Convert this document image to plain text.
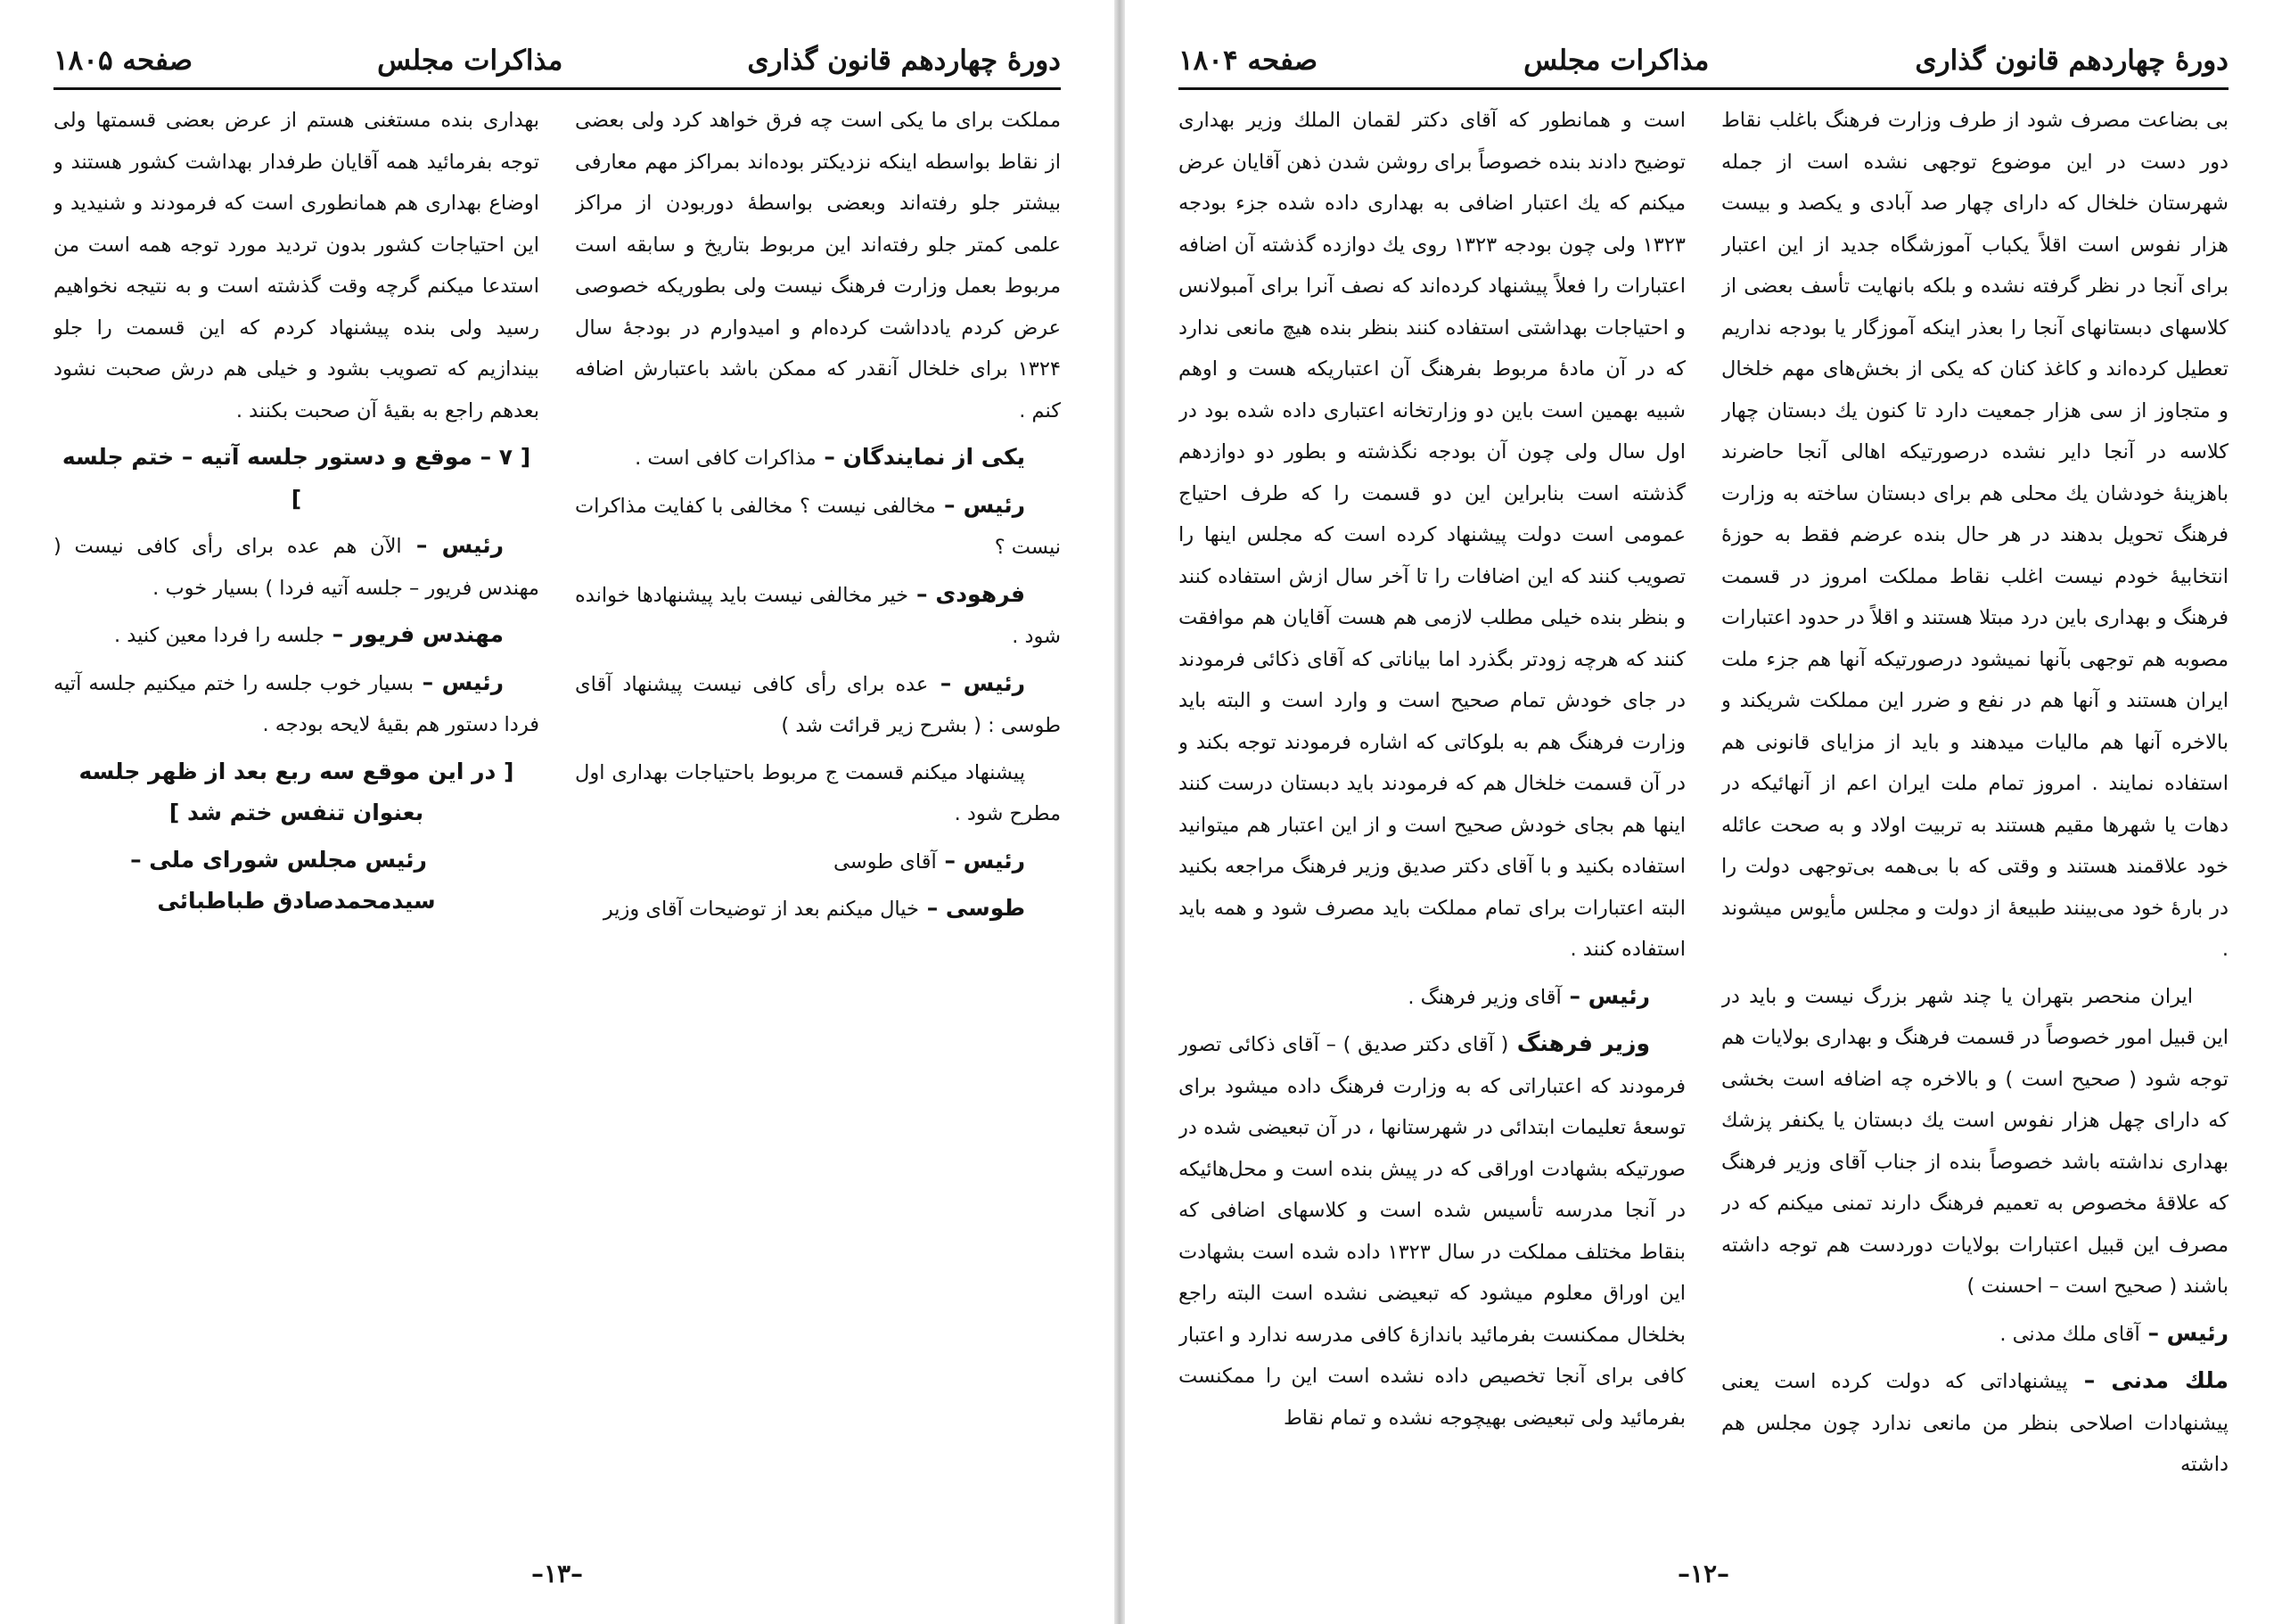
دورهٔ چهاردهم قانون گذاری
مذاکرات مجلس
صفحه ۱۸۰۵

مملکت برای ما یکی است چه فرق خواهد کرد ولی بعضی از نقاط بواسطه اینکه نزدیکتر بوده‌اند بمراکز مهم معارفی بیشتر جلو رفته‌اند وبعضی بواسطهٔ دوربودن از مراکز علمی کمتر جلو رفته‌اند این مربوط بتاریخ و سابقه است مربوط بعمل وزارت فرهنگ نیست ولی بطوریکه خصوصی عرض کردم یادداشت کرده‌ام و امیدوارم در بودجهٔ سال ۱۳۲۴ برای خلخال آنقدر که ممکن باشد باعتبارش اضافه کنم .

یکی از نمایندگان – مذاکرات کافی است .

رئیس – مخالفی نیست ؟ مخالفی با کفایت مذاکرات نیست ؟

فرهودی – خیر مخالفی نیست باید پیشنهادها خوانده شود .

رئیس – عده برای رأی کافی نیست پیشنهاد آقای طوسی : ( بشرح زیر قرائت شد )

پیشنهاد میکنم قسمت ج مربوط باحتیاجات بهداری اول مطرح شود .

رئیس – آقای طوسی

طوسی – خیال میکنم بعد از توضیحات آقای وزیر

بهداری بنده مستغنی هستم از عرض بعضی قسمتها ولی توجه بفرمائید همه آقایان طرفدار بهداشت کشور هستند و اوضاع بهداری هم همانطوری است که فرمودند و شنیدید و این احتیاجات کشور بدون تردید مورد توجه همه است من استدعا میکنم گرچه وقت گذشته است و به نتیجه نخواهیم رسید ولی بنده پیشنهاد کردم که این قسمت را جلو بیندازیم که تصویب بشود و خیلی هم درش صحبت نشود بعدهم راجع به بقیهٔ آن صحبت بکنند .

[ ۷ – موقع و دستور جلسه آتیه – ختم جلسه ]

رئیس – الآن هم عده برای رأی کافی نیست ( مهندس فریور – جلسه آتیه فردا ) بسیار خوب .

مهندس فریور – جلسه را فردا معین کنید .

رئیس – بسیار خوب جلسه را ختم میکنیم جلسه آتیه فردا دستور هم بقیهٔ لایحه بودجه .

[ در این موقع سه ربع بعد از ظهر جلسه بعنوان تنفس ختم شد ]

رئیس مجلس شورای ملی – سیدمحمدصادق طباطبائی

–۱۳–
دورهٔ چهاردهم قانون گذاری
مذاکرات مجلس
صفحه ۱۸۰۴

بی بضاعت مصرف شود از طرف وزارت فرهنگ باغلب نقاط دور دست در این موضوع توجهی نشده است از جمله شهرستان خلخال که دارای چهار صد آبادی و یکصد و بیست هزار نفوس است اقلاً یکباب آموزشگاه جدید از این اعتبار برای آنجا در نظر گرفته نشده و بلکه بانهایت تأسف بعضی از کلاسهای دبستانهای آنجا را بعذر اینکه آموزگار یا بودجه نداریم تعطیل کرده‌اند و کاغذ کنان که یکی از بخش‌های مهم خلخال و متجاوز از سی هزار جمعیت دارد تا کنون یك دبستان چهار کلاسه در آنجا دایر نشده درصورتیکه اهالی آنجا حاضرند باهزینهٔ خودشان یك محلی هم برای دبستان ساخته به وزارت فرهنگ تحویل بدهند در هر حال بنده عرضم فقط به حوزهٔ انتخابیهٔ خودم نیست اغلب نقاط مملکت امروز در قسمت فرهنگ و بهداری باین درد مبتلا هستند و اقلاً در حدود اعتبارات مصوبه هم توجهی بآنها نمیشود درصورتیکه آنها هم جزء ملت ایران هستند و آنها هم در نفع و ضرر این مملکت شریکند و بالاخره آنها هم مالیات میدهند و باید از مزایای قانونی هم استفاده نمایند . امروز تمام ملت ایران اعم از آنهائیکه در دهات یا شهرها مقیم هستند به تربیت اولاد و به صحت عائله خود علاقمند هستند و وقتی که با بی‌همه بی‌توجهی دولت را در بارهٔ خود می‌بینند طبیعهٔ از دولت و مجلس مأیوس میشوند .

ایران منحصر بتهران یا چند شهر بزرگ نیست و باید در این قبیل امور خصوصاً در قسمت فرهنگ و بهداری بولایات هم توجه شود ( صحیح است ) و بالاخره چه اضافه است بخشی که دارای چهل هزار نفوس است یك دبستان یا یکنفر پزشك بهداری نداشته باشد خصوصاً بنده از جناب آقای وزیر فرهنگ که علاقهٔ مخصوص به تعمیم فرهنگ دارند تمنی میکنم که در مصرف این قبیل اعتبارات بولایات دوردست هم توجه داشته باشند ( صحیح است – احسنت )

رئیس – آقای ملك مدنی .

ملك مدنی – پیشنهاداتی که دولت کرده است یعنی پیشنهادات اصلاحی بنظر من مانعی ندارد چون مجلس هم داشته

است و همانطور که آقای دکتر لقمان الملك وزیر بهداری توضیح دادند بنده خصوصاً برای روشن شدن ذهن آقایان عرض میکنم که یك اعتبار اضافی به بهداری داده شده جزء بودجه ۱۳۲۳ ولی چون بودجه ۱۳۲۳ روی یك دوازده گذشته آن اضافه اعتبارات را فعلاً پیشنهاد کرده‌اند که نصف آنرا برای آمبولانس و احتیاجات بهداشتی استفاده کنند بنظر بنده هیچ مانعی ندارد که در آن مادهٔ مربوط بفرهنگ آن اعتباریکه هست و اوهم شبیه بهمین است باین دو وزارتخانه اعتباری داده شده بود در اول سال ولی چون آن بودجه نگذشته و بطور دو دوازدهم گذشته است بنابراین این دو قسمت را که طرف احتیاج عمومی است دولت پیشنهاد کرده است که مجلس اینها را تصویب کنند که این اضافات را تا آخر سال ازش استفاده کنند و بنظر بنده خیلی مطلب لازمی هم هست آقایان هم موافقت کنند که هرچه زودتر بگذرد اما بیاناتی که آقای ذکائی فرمودند در جای خودش تمام صحیح است و وارد است و البته باید وزارت فرهنگ هم به بلوکاتی که اشاره فرمودند توجه بکند و در آن قسمت خلخال هم که فرمودند باید دبستان درست کنند اینها هم بجای خودش صحیح است و از این اعتبار هم میتوانید استفاده بکنید و با آقای دکتر صدیق وزیر فرهنگ مراجعه بکنید البته اعتبارات برای تمام مملکت باید مصرف شود و همه باید استفاده کنند .

رئیس – آقای وزیر فرهنگ .

وزیر فرهنگ ( آقای دکتر صدیق ) – آقای ذکائی تصور فرمودند که اعتباراتی که به وزارت فرهنگ داده میشود برای توسعهٔ تعلیمات ابتدائی در شهرستانها ، در آن تبعیضی شده در صورتیکه بشهادت اوراقی که در پیش بنده است و محل‌هائیکه در آنجا مدرسه تأسیس شده است و کلاسهای اضافی که بنقاط مختلف مملکت در سال ۱۳۲۳ داده شده است بشهادت این اوراق معلوم میشود که تبعیضی نشده است البته راجع بخلخال ممکنست بفرمائید باندازهٔ کافی مدرسه ندارد و اعتبار کافی برای آنجا تخصیص داده نشده است این را ممکنست بفرمائید ولی تبعیضی بهیچوجه نشده و تمام نقاط

–۱۲–
